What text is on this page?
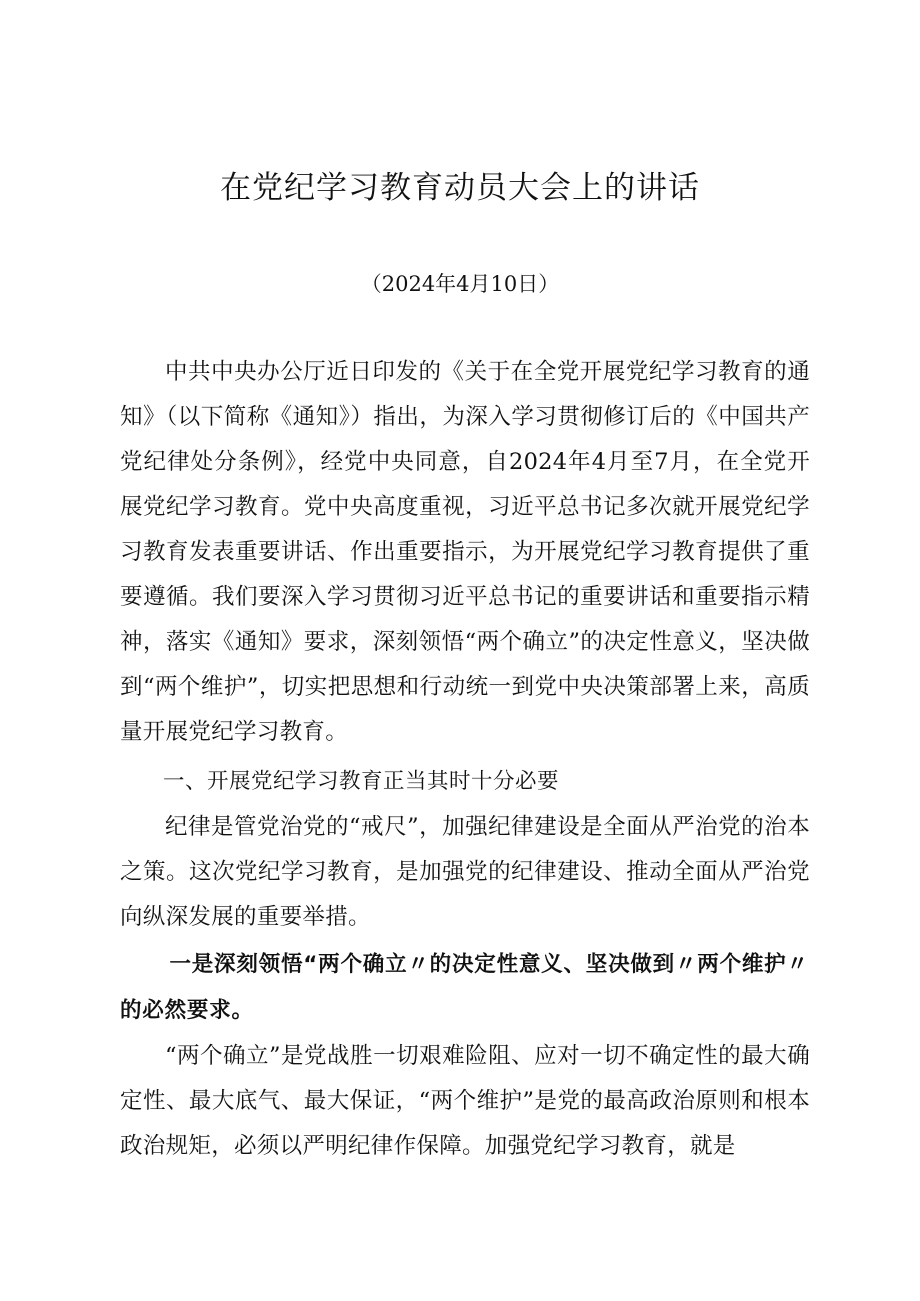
在党纪学习教育动员大会上的讲话
（2024年4月10日）

中共中央办公厅近日印发的《关于在全党开展党纪学习教育的通知》（以下简称《通知》）指出，为深入学习贯彻修订后的《中国共产党纪律处分条例》，经党中央同意，自2024年4月至7月，在全党开展党纪学习教育。党中央高度重视，习近平总书记多次就开展党纪学习教育发表重要讲话、作出重要指示，为开展党纪学习教育提供了重要遵循。我们要深入学习贯彻习近平总书记的重要讲话和重要指示精神，落实《通知》要求，深刻领悟“两个确立”的决定性意义，坚决做到“两个维护”，切实把思想和行动统一到党中央决策部署上来，高质量开展党纪学习教育。

一、开展党纪学习教育正当其时十分必要

纪律是管党治党的“戒尺”，加强纪律建设是全面从严治党的治本之策。这次党纪学习教育，是加强党的纪律建设、推动全面从严治党向纵深发展的重要举措。

一是深刻领悟“两个确立〃的决定性意义、坚决做到〃两个维护〃的必然要求。

“两个确立”是党战胜一切艰难险阻、应对一切不确定性的最大确定性、最大底气、最大保证，“两个维护”是党的最高政治原则和根本政治规矩，必须以严明纪律作保障。加强党纪学习教育，就是
